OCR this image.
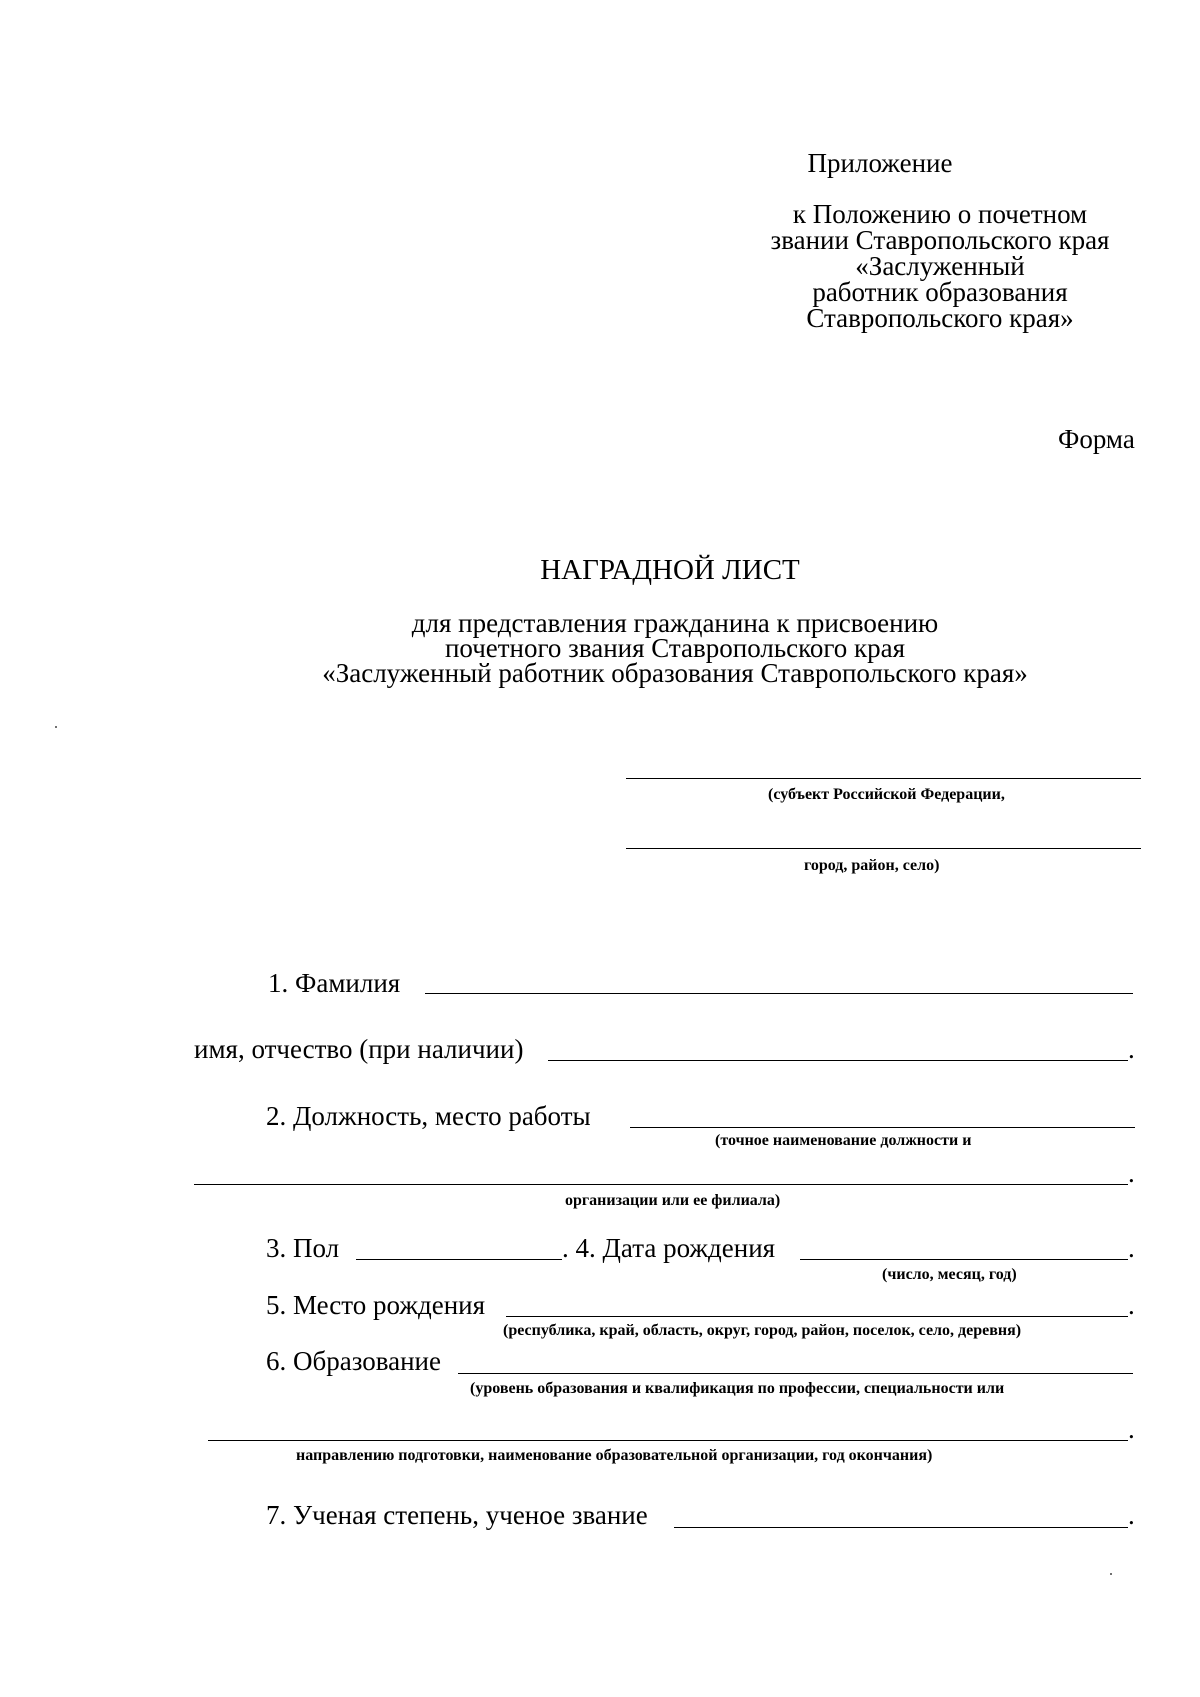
Приложение
к Положению о почетном
звании Ставропольского края
«Заслуженный
работник образования
Ставропольского края»
Форма
НАГРАДНОЙ ЛИСТ
для представления гражданина к присвоению
почетного звания Ставропольского края
«Заслуженный работник образования Ставропольского края»
(субъект Российской Федерации,
город, район, село)
1. Фамилия
имя, отчество (при наличии)	.
2. Должность, место работы
(точное наименование должности и
.
организации или ее филиала)
3. Пол	. 4. Дата рождения	.
(число, месяц, год)
5. Место рождения	.
(республика, край, область, округ, город, район, поселок, село, деревня)
6. Образование
(уровень образования и квалификация по профессии, специальности или
.
направлению подготовки, наименование образовательной организации, год окончания)
7. Ученая степень, ученое звание	.
